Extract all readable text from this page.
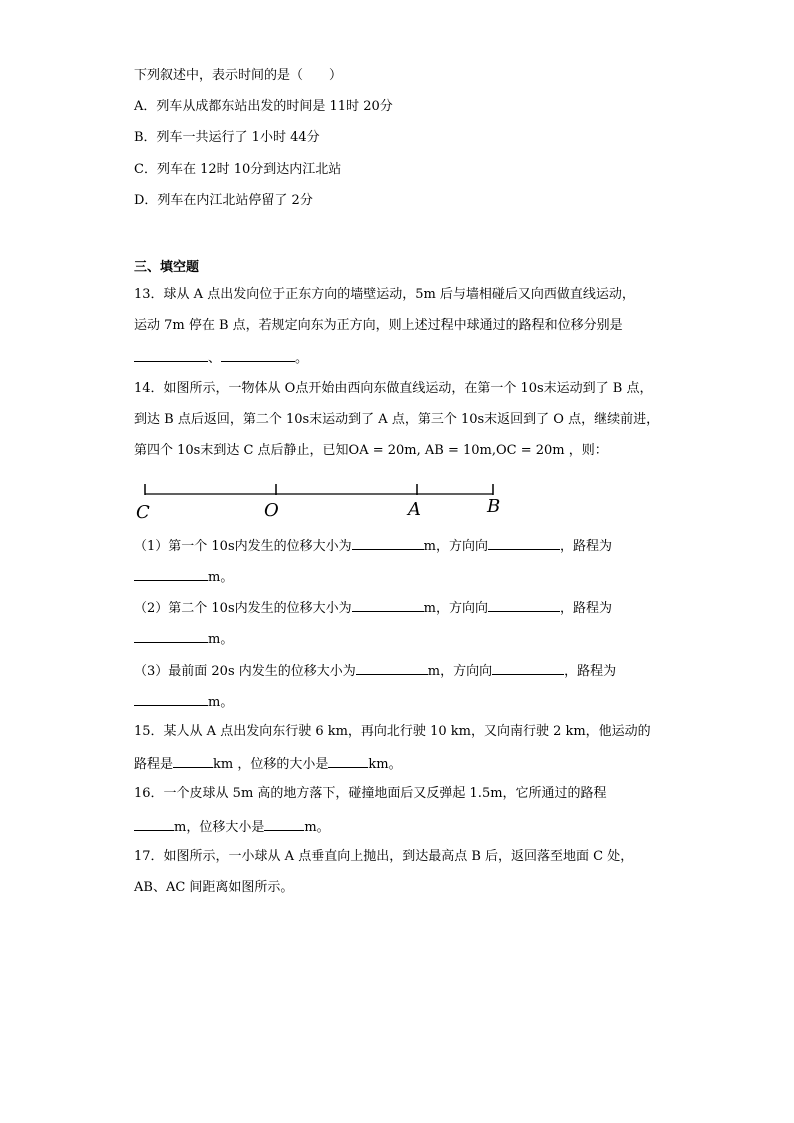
下列叙述中，表示时间的是（　　）
A．列车从成都东站出发的时间是 11时 20分
B．列车一共运行了 1小时 44分
C．列车在 12时 10分到达内江北站
D．列车在内江北站停留了 2分
三、填空题
13．球从 A 点出发向位于正东方向的墙壁运动，5m 后与墙相碰后又向西做直线运动，
运动 7m 停在 B 点，若规定向东为正方向，则上述过程中球通过的路程和位移分别是
、	。
14．如图所示，一物体从 O点开始由西向东做直线运动，在第一个 10s末运动到了 B 点，
到达 B 点后返回，第二个 10s末运动到了 A 点，第三个 10s末返回到了 O 点，继续前进，
第四个 10s末到达 C 点后静止，已知OA = 20m, AB = 10m,OC = 20m ，则：
C	O	A	B
（1）第一个 10s内发生的位移大小为	m，方向向	，路程为
m。
（2）第二个 10s内发生的位移大小为	m，方向向	，路程为
m。
（3）最前面 20s 内发生的位移大小为	m，方向向	，路程为
m。
15．某人从 A 点出发向东行驶 6 km，再向北行驶 10 km，又向南行驶 2 km，他运动的
路程是	km ，位移的大小是	km。
16．一个皮球从 5m 高的地方落下，碰撞地面后又反弹起 1.5m，它所通过的路程
m，位移大小是	m。
17．如图所示，一小球从 A 点垂直向上抛出，到达最高点 B 后，返回落至地面 C 处，
AB、AC 间距离如图所示。
